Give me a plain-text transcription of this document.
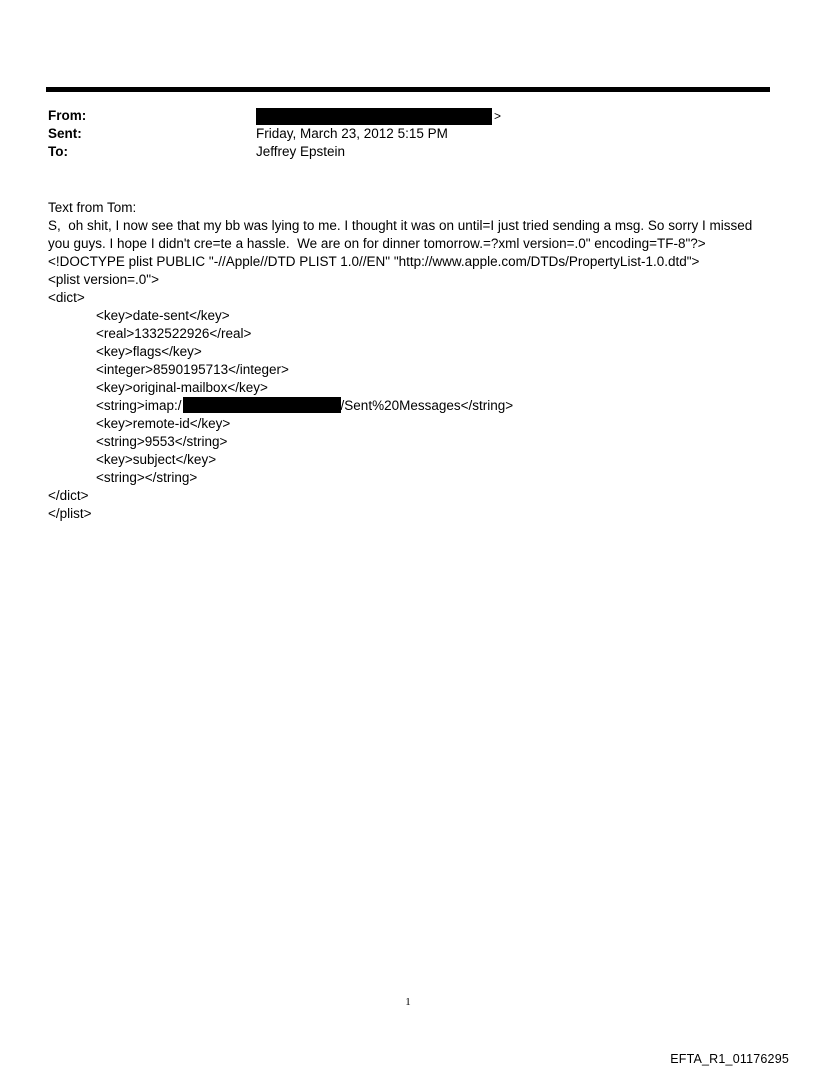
From:	>
Sent:	Friday, March 23, 2012 5:15 PM
To:	Jeffrey Epstein
Text from Tom:
S,  oh shit, I now see that my bb was lying to me. I thought it was on until=I just tried sending a msg. So sorry I missed
you guys. I hope I didn't cre=te a hassle.  We are on for dinner tomorrow.=?xml version=.0" encoding=TF-8"?>
<!DOCTYPE plist PUBLIC "-//Apple//DTD PLIST 1.0//EN" "http://www.apple.com/DTDs/PropertyList-1.0.dtd">
<plist version=.0">
<dict>
<key>date-sent</key>
<real>1332522926</real>
<key>flags</key>
<integer>8590195713</integer>
<key>original-mailbox</key>
<string>imap:/	/Sent%20Messages</string>
<key>remote-id</key>
<string>9553</string>
<key>subject</key>
<string></string>
</dict>
</plist>
1
EFTA_R1_01176295
